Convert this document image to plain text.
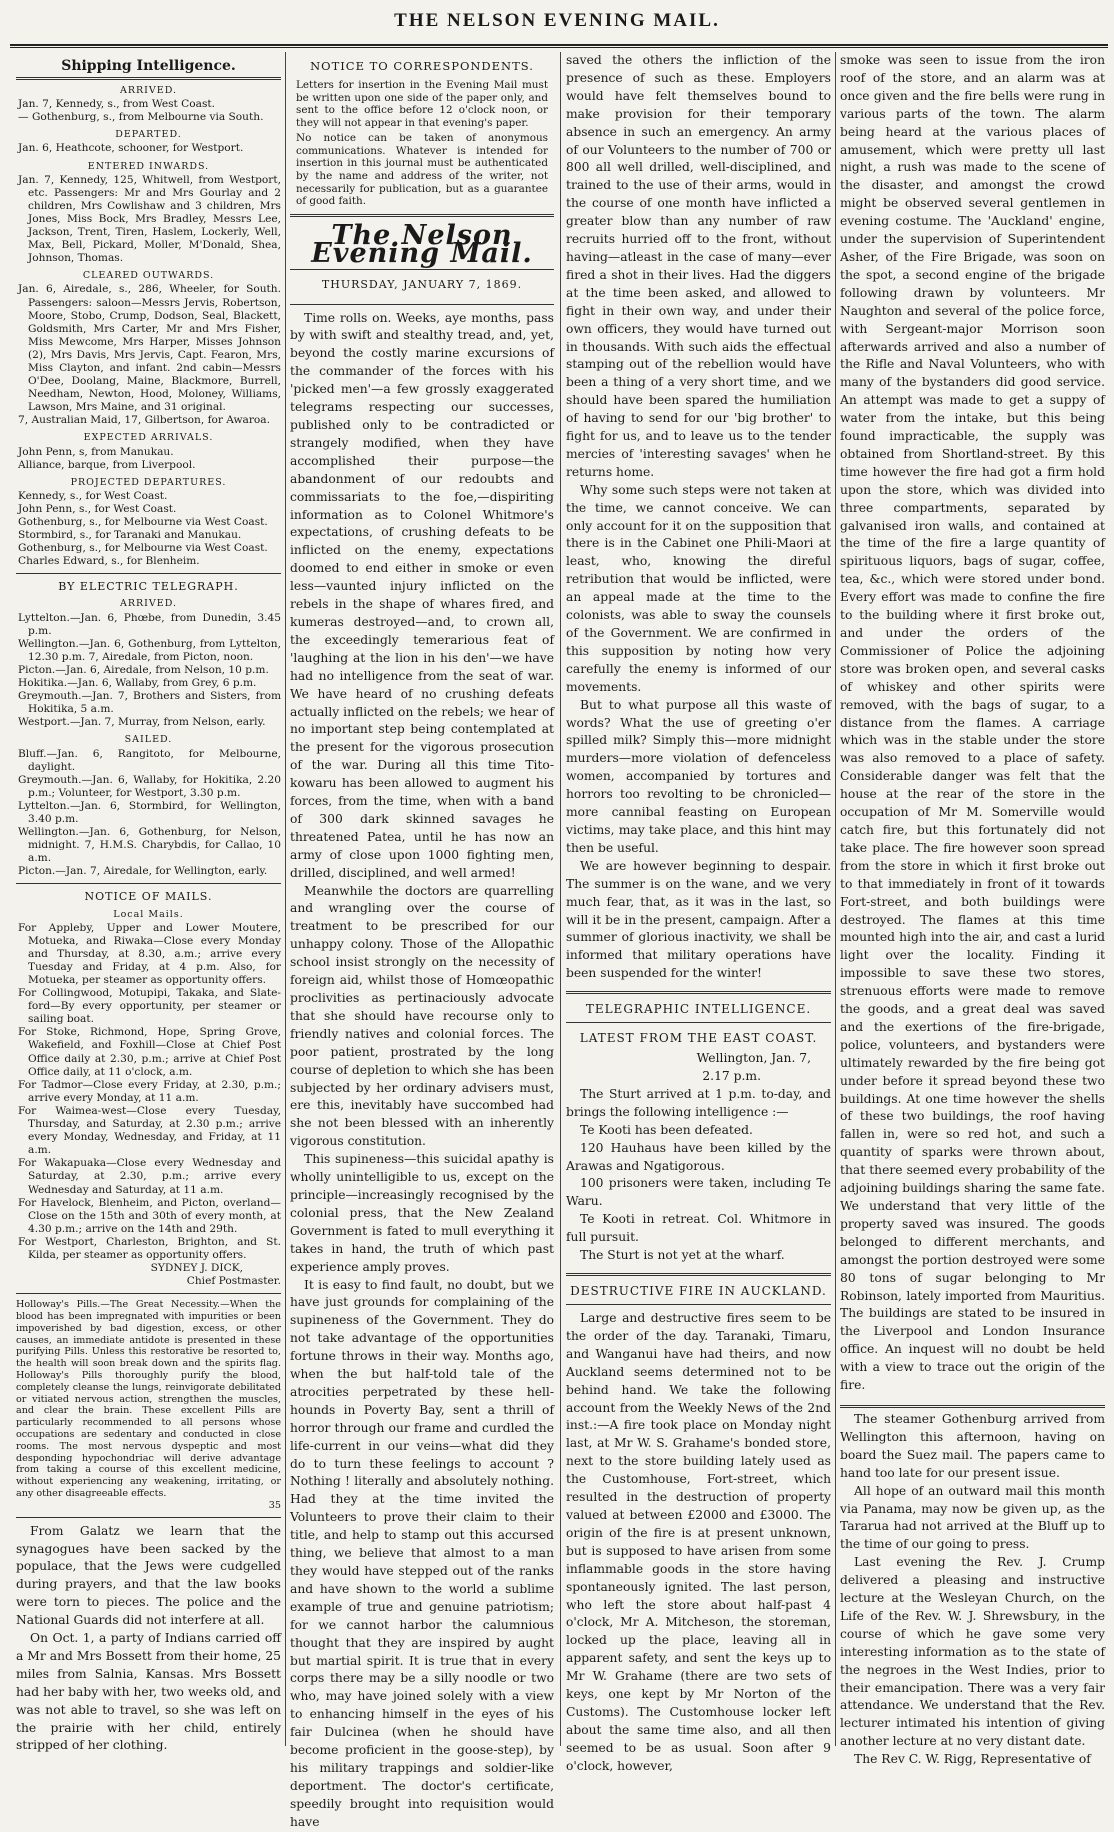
THE NELSON EVENING MAIL.
Shipping Intelligence.
ARRIVED.
Jan. 7, Kennedy, s., from West Coast.
— Gothenburg, s., from Melbourne via South.
DEPARTED.
Jan. 6, Heathcote, schooner, for Westport.
ENTERED INWARDS.
Jan. 7, Kennedy, 125, Whitwell, from Westport, etc. Passengers: Mr and Mrs Gourlay and 2 children, Mrs Cowlishaw and 3 children, Mrs Jones, Miss Bock, Mrs Bradley, Messrs Lee, Jackson, Trent, Tiren, Haslem, Lockerly, Well, Max, Bell, Pickard, Moller, M'Donald, Shea, Johnson, Thomas.
CLEARED OUTWARDS.
Jan. 6, Airedale, s., 286, Wheeler, for South. Passengers: saloon—Messrs Jervis, Robertson, Moore, Stobo, Crump, Dodson, Seal, Blackett, Goldsmith, Mrs Carter, Mr and Mrs Fisher, Miss Mewcome, Mrs Harper, Misses Johnson (2), Mrs Davis, Mrs Jervis, Capt. Fearon, Mrs, Miss Clayton, and infant. 2nd cabin—Messrs O'Dee, Doolang, Maine, Blackmore, Burrell, Needham, Newton, Hood, Moloney, Williams, Lawson, Mrs Maine, and 31 original.
7, Australian Maid, 17, Gilbertson, for Awaroa.
EXPECTED ARRIVALS.
John Penn, s, from Manukau.
Alliance, barque, from Liverpool.
PROJECTED DEPARTURES.
Kennedy, s., for West Coast.
John Penn, s., for West Coast.
Gothenburg, s., for Melbourne via West Coast.
Stormbird, s., for Taranaki and Manukau.
Gothenburg, s., for Melbourne via West Coast.
Charles Edward, s., for Blenheim.
BY ELECTRIC TELEGRAPH.
ARRIVED.
Lyttelton.—Jan. 6, Phœbe, from Dunedin, 3.45 p.m.
Wellington.—Jan. 6, Gothenburg, from Lyttelton, 12.30 p.m. 7, Airedale, from Picton, noon.
Picton.—Jan. 6, Airedale, from Nelson, 10 p.m.
Hokitika.—Jan. 6, Wallaby, from Grey, 6 p.m.
Greymouth.—Jan. 7, Brothers and Sisters, from Hokitika, 5 a.m.
Westport.—Jan. 7, Murray, from Nelson, early.
SAILED.
Bluff.—Jan. 6, Rangitoto, for Melbourne, daylight.
Greymouth.—Jan. 6, Wallaby, for Hokitika, 2.20 p.m.; Volunteer, for Westport, 3.30 p.m.
Lyttelton.—Jan. 6, Stormbird, for Wellington, 3.40 p.m.
Wellington.—Jan. 6, Gothenburg, for Nelson, midnight. 7, H.M.S. Charybdis, for Callao, 10 a.m.
Picton.—Jan. 7, Airedale, for Wellington, early.
NOTICE OF MAILS.
Local Mails.
For Appleby, Upper and Lower Moutere, Motueka, and Riwaka—Close every Monday and Thursday, at 8.30, a.m.; arrive every Tuesday and Friday, at 4 p.m. Also, for Motueka, per steamer as opportunity offers.
For Collingwood, Motupipi, Takaka, and Slate-ford—By every opportunity, per steamer or sailing boat.
For Stoke, Richmond, Hope, Spring Grove, Wakefield, and Foxhill—Close at Chief Post Office daily at 2.30, p.m.; arrive at Chief Post Office daily, at 11 o'clock, a.m.
For Tadmor—Close every Friday, at 2.30, p.m.; arrive every Monday, at 11 a.m.
For Waimea-west—Close every Tuesday, Thursday, and Saturday, at 2.30 p.m.; arrive every Monday, Wednesday, and Friday, at 11 a.m.
For Wakapuaka—Close every Wednesday and Saturday, at 2.30, p.m.; arrive every Wednesday and Saturday, at 11 a.m.
For Havelock, Blenheim, and Picton, overland—Close on the 15th and 30th of every month, at 4.30 p.m.; arrive on the 14th and 29th.
For Westport, Charleston, Brighton, and St. Kilda, per steamer as opportunity offers.
SYDNEY J. DICK,
Chief Postmaster.
Holloway's Pills.—The Great Necessity.—When the blood has been impregnated with impurities or been impoverished by bad digestion, excess, or other causes, an immediate antidote is presented in these purifying Pills. Unless this restorative be resorted to, the health will soon break down and the spirits flag. Holloway's Pills thoroughly purify the blood, completely cleanse the lungs, reinvigorate debilitated or vitiated nervous action, strengthen the muscles, and clear the brain. These excellent Pills are particularly recommended to all persons whose occupations are sedentary and conducted in close rooms. The most nervous dyspeptic and most desponding hypochondriac will derive advantage from taking a course of this excellent medicine, without experiencing any weakening, irritating, or any other disagreeable effects.
35
From Galatz we learn that the synagogues have been sacked by the populace, that the Jews were cudgelled during prayers, and that the law books were torn to pieces. The police and the National Guards did not interfere at all.
On Oct. 1, a party of Indians carried off a Mr and Mrs Bossett from their home, 25 miles from Salnia, Kansas. Mrs Bossett had her baby with her, two weeks old, and was not able to travel, so she was left on the prairie with her child, entirely stripped of her clothing.
NOTICE TO CORRESPONDENTS.
Letters for insertion in the Evening Mail must be written upon one side of the paper only, and sent to the office before 12 o'clock noon, or they will not appear in that evening's paper.
No notice can be taken of anonymous communications. Whatever is intended for insertion in this journal must be authenticated by the name and address of the writer, not necessarily for publication, but as a guarantee of good faith.
The Nelson Evening Mail.
THURSDAY, JANUARY 7, 1869.
Time rolls on. Weeks, aye months, pass by with swift and stealthy tread, and, yet, beyond the costly marine excursions of the commander of the forces with his 'picked men'—a few grossly exaggerated telegrams respecting our successes, published only to be contradicted or strangely modified, when they have accomplished their purpose—the abandonment of our redoubts and commissariats to the foe,—dispiriting information as to Colonel Whitmore's expectations, of crushing defeats to be inflicted on the enemy, expectations doomed to end either in smoke or even less—vaunted injury inflicted on the rebels in the shape of whares fired, and kumeras destroyed—and, to crown all, the exceedingly temerarious feat of 'laughing at the lion in his den'—we have had no intelligence from the seat of war. We have heard of no crushing defeats actually inflicted on the rebels; we hear of no important step being contemplated at the present for the vigorous prosecution of the war. During all this time Tito-kowaru has been allowed to augment his forces, from the time, when with a band of 300 dark skinned savages he threatened Patea, until he has now an army of close upon 1000 fighting men, drilled, disciplined, and well armed!
Meanwhile the doctors are quarrelling and wrangling over the course of treatment to be prescribed for our unhappy colony. Those of the Allopathic school insist strongly on the necessity of foreign aid, whilst those of Homœopathic proclivities as pertinaciously advocate that she should have recourse only to friendly natives and colonial forces. The poor patient, prostrated by the long course of depletion to which she has been subjected by her ordinary advisers must, ere this, inevitably have succombed had she not been blessed with an inherently vigorous constitution.
This supineness—this suicidal apathy is wholly unintelligible to us, except on the principle—increasingly recognised by the colonial press, that the New Zealand Government is fated to mull everything it takes in hand, the truth of which past experience amply proves.
It is easy to find fault, no doubt, but we have just grounds for complaining of the supineness of the Government. They do not take advantage of the opportunities fortune throws in their way. Months ago, when the but half-told tale of the atrocities perpetrated by these hell-hounds in Poverty Bay, sent a thrill of horror through our frame and curdled the life-current in our veins—what did they do to turn these feelings to account ? Nothing ! literally and absolutely nothing. Had they at the time invited the Volunteers to prove their claim to their title, and help to stamp out this accursed thing, we believe that almost to a man they would have stepped out of the ranks and have shown to the world a sublime example of true and genuine patriotism; for we cannot harbor the calumnious thought that they are inspired by aught but martial spirit. It is true that in every corps there may be a silly noodle or two who, may have joined solely with a view to enhancing himself in the eyes of his fair Dulcinea (when he should have become proficient in the goose-step), by his military trappings and soldier-like deportment. The doctor's certificate, speedily brought into requisition would have
saved the others the infliction of the presence of such as these. Employers would have felt themselves bound to make provision for their temporary absence in such an emergency. An army of our Volunteers to the number of 700 or 800 all well drilled, well-disciplined, and trained to the use of their arms, would in the course of one month have inflicted a greater blow than any number of raw recruits hurried off to the front, without having—atleast in the case of many—ever fired a shot in their lives. Had the diggers at the time been asked, and allowed to fight in their own way, and under their own officers, they would have turned out in thousands. With such aids the effectual stamping out of the rebellion would have been a thing of a very short time, and we should have been spared the humiliation of having to send for our 'big brother' to fight for us, and to leave us to the tender mercies of 'interesting savages' when he returns home.
Why some such steps were not taken at the time, we cannot conceive. We can only account for it on the supposition that there is in the Cabinet one Phili-Maori at least, who, knowing the direful retribution that would be inflicted, were an appeal made at the time to the colonists, was able to sway the counsels of the Government. We are confirmed in this supposition by noting how very carefully the enemy is informed of our movements.
But to what purpose all this waste of words? What the use of greeting o'er spilled milk? Simply this—more midnight murders—more violation of defenceless women, accompanied by tortures and horrors too revolting to be chronicled—more cannibal feasting on European victims, may take place, and this hint may then be useful.
We are however beginning to despair. The summer is on the wane, and we very much fear, that, as it was in the last, so will it be in the present, campaign. After a summer of glorious inactivity, we shall be informed that military operations have been suspended for the winter!
TELEGRAPHIC INTELLIGENCE.
LATEST FROM THE EAST COAST.
Wellington, Jan. 7,
2.17 p.m.
The Sturt arrived at 1 p.m. to-day, and brings the following intelligence :—
Te Kooti has been defeated.
120 Hauhaus have been killed by the Arawas and Ngatigorous.
100 prisoners were taken, including Te Waru.
Te Kooti in retreat. Col. Whitmore in full pursuit.
The Sturt is not yet at the wharf.
DESTRUCTIVE FIRE IN AUCKLAND.
Large and destructive fires seem to be the order of the day. Taranaki, Timaru, and Wanganui have had theirs, and now Auckland seems determined not to be behind hand. We take the following account from the Weekly News of the 2nd inst.:—A fire took place on Monday night last, at Mr W. S. Grahame's bonded store, next to the store building lately used as the Customhouse, Fort-street, which resulted in the destruction of property valued at between £2000 and £3000. The origin of the fire is at present unknown, but is supposed to have arisen from some inflammable goods in the store having spontaneously ignited. The last person, who left the store about half-past 4 o'clock, Mr A. Mitcheson, the storeman, locked up the place, leaving all in apparent safety, and sent the keys up to Mr W. Grahame (there are two sets of keys, one kept by Mr Norton of the Customs). The Customhouse locker left about the same time also, and all then seemed to be as usual. Soon after 9 o'clock, however,
smoke was seen to issue from the iron roof of the store, and an alarm was at once given and the fire bells were rung in various parts of the town. The alarm being heard at the various places of amusement, which were pretty ull last night, a rush was made to the scene of the disaster, and amongst the crowd might be observed several gentlemen in evening costume. The 'Auckland' engine, under the supervision of Superintendent Asher, of the Fire Brigade, was soon on the spot, a second engine of the brigade following drawn by volunteers. Mr Naughton and several of the police force, with Sergeant-major Morrison soon afterwards arrived and also a number of the Rifle and Naval Volunteers, who with many of the bystanders did good service. An attempt was made to get a suppy of water from the intake, but this being found impracticable, the supply was obtained from Shortland-street. By this time however the fire had got a firm hold upon the store, which was divided into three compartments, separated by galvanised iron walls, and contained at the time of the fire a large quantity of spirituous liquors, bags of sugar, coffee, tea, &c., which were stored under bond. Every effort was made to confine the fire to the building where it first broke out, and under the orders of the Commissioner of Police the adjoining store was broken open, and several casks of whiskey and other spirits were removed, with the bags of sugar, to a distance from the flames. A carriage which was in the stable under the store was also removed to a place of safety. Considerable danger was felt that the house at the rear of the store in the occupation of Mr M. Somerville would catch fire, but this fortunately did not take place. The fire however soon spread from the store in which it first broke out to that immediately in front of it towards Fort-street, and both buildings were destroyed. The flames at this time mounted high into the air, and cast a lurid light over the locality. Finding it impossible to save these two stores, strenuous efforts were made to remove the goods, and a great deal was saved and the exertions of the fire-brigade, police, volunteers, and bystanders were ultimately rewarded by the fire being got under before it spread beyond these two buildings. At one time however the shells of these two buildings, the roof having fallen in, were so red hot, and such a quantity of sparks were thrown about, that there seemed every probability of the adjoining buildings sharing the same fate. We understand that very little of the property saved was insured. The goods belonged to different merchants, and amongst the portion destroyed were some 80 tons of sugar belonging to Mr Robinson, lately imported from Mauritius. The buildings are stated to be insured in the Liverpool and London Insurance office. An inquest will no doubt be held with a view to trace out the origin of the fire.
The steamer Gothenburg arrived from Wellington this afternoon, having on board the Suez mail. The papers came to hand too late for our present issue.
All hope of an outward mail this month via Panama, may now be given up, as the Tararua had not arrived at the Bluff up to the time of our going to press.
Last evening the Rev. J. Crump delivered a pleasing and instructive lecture at the Wesleyan Church, on the Life of the Rev. W. J. Shrewsbury, in the course of which he gave some very interesting information as to the state of the negroes in the West Indies, prior to their emancipation. There was a very fair attendance. We understand that the Rev. lecturer intimated his intention of giving another lecture at no very distant date.
The Rev C. W. Rigg, Representative of
